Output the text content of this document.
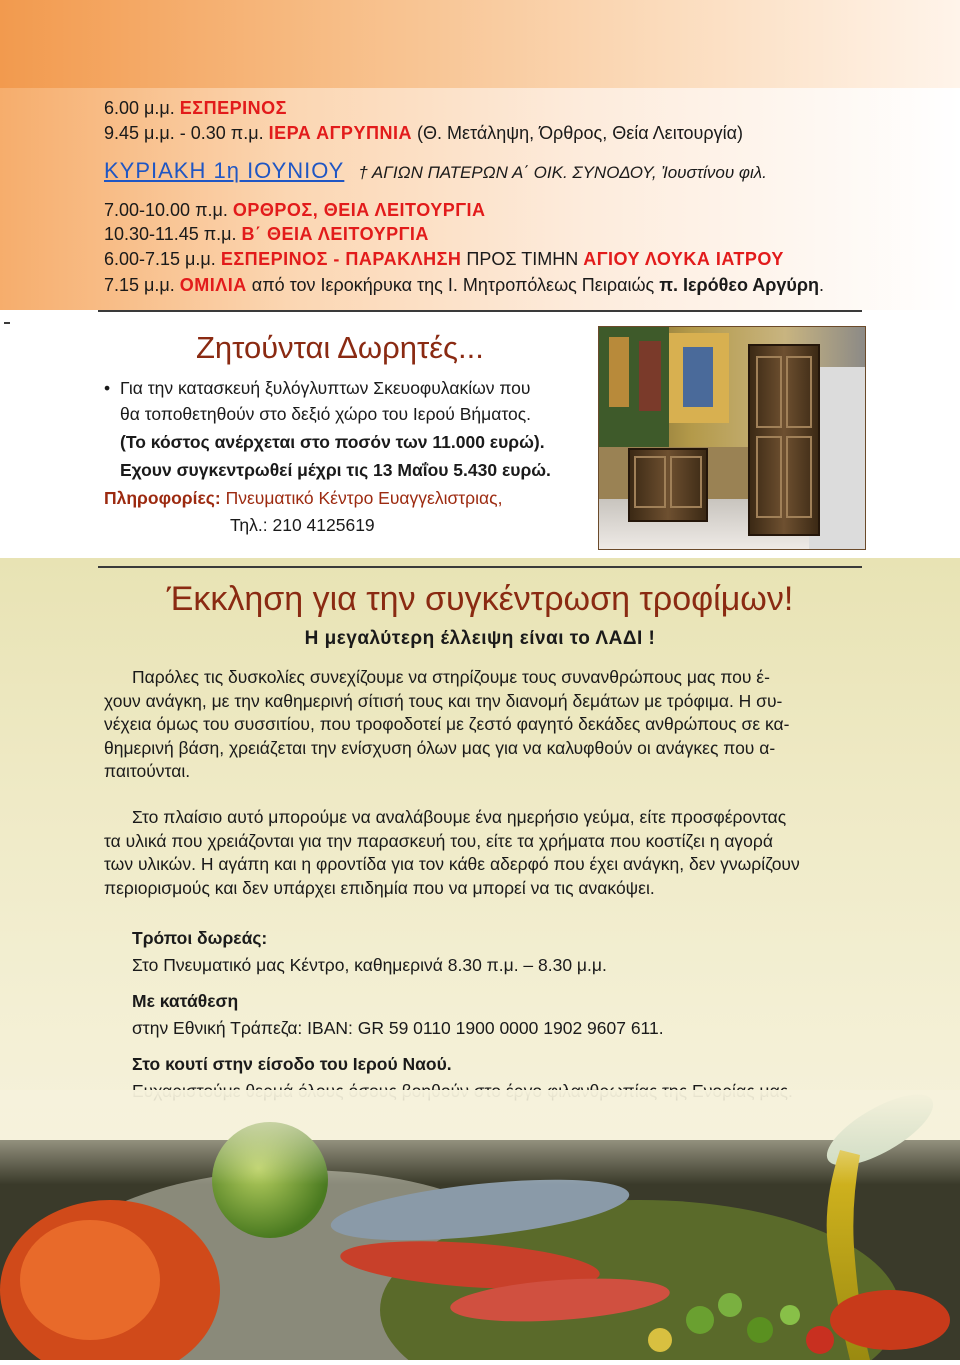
6.00 μ.μ. ΕΣΠΕΡΙΝΟΣ
9.45 μ.μ. - 0.30 π.μ. ΙΕΡΑ ΑΓΡΥΠΝΙΑ (Θ. Μετάληψη, Όρθρος, Θεία Λειτουργία)
ΚΥΡΙΑΚΗ 1η ΙΟΥΝΙΟΥ † ΑΓΙΩΝ ΠΑΤΕΡΩΝ Α΄ ΟΙΚ. ΣΥΝΟΔΟΥ, Ἰουστίνου φιλ.
7.00-10.00 π.μ. ΟΡΘΡΟΣ, ΘΕΙΑ ΛΕΙΤΟΥΡΓΙΑ
10.30-11.45 π.μ. Β΄ ΘΕΙΑ ΛΕΙΤΟΥΡΓΙΑ
6.00-7.15 μ.μ. ΕΣΠΕΡΙΝΟΣ - ΠΑΡΑΚΛΗΣΗ ΠΡΟΣ ΤΙΜΗΝ ΑΓΙΟΥ ΛΟΥΚΑ ΙΑΤΡΟΥ
7.15 μ.μ. ΟΜΙΛΙΑ από τον Ιεροκήρυκα της Ι. Μητροπόλεως Πειραιώς π. Ιερόθεο Αργύρη.
Ζητούνται Δωρητές...
• Για την κατασκευή ξυλόγλυπτων Σκευοφυλακίων που
θα τοποθετηθούν στο δεξιό χώρο του Ιερού Βήματος.
(Το κόστος ανέρχεται στο ποσόν των 11.000 ευρώ).
Εχουν συγκεντρωθεί μέχρι τις 13 Μαΐου 5.430 ευρώ.
Πληροφορίες: Πνευματικό Κέντρο Ευαγγελιστριας,
Τηλ.: 210 4125619
Έκκληση για την συγκέντρωση τροφίμων!
Η μεγαλύτερη έλλειψη είναι το ΛΑΔΙ !
Παρόλες τις δυσκολίες συνεχίζουμε να στηρίζουμε τους συνανθρώπους μας που έ-
χουν ανάγκη, με την καθημερινή σίτισή τους και την διανομή δεμάτων με τρόφιμα. Η συ-
νέχεια όμως του συσσιτίου, που τροφοδοτεί με ζεστό φαγητό δεκάδες ανθρώπους σε κα-
θημερινή βάση, χρειάζεται την ενίσχυση όλων μας για να καλυφθούν οι ανάγκες που α-
παιτούνται.
Στο πλαίσιο αυτό μπορούμε να αναλάβουμε ένα ημερήσιο γεύμα, είτε προσφέροντας
τα υλικά που χρειάζονται για την παρασκευή του, είτε τα χρήματα που κοστίζει η αγορά
των υλικών. Η αγάπη και η φροντίδα για τον κάθε αδερφό που έχει ανάγκη, δεν γνωρίζουν
περιορισμούς και δεν υπάρχει επιδημία που να μπορεί να τις ανακόψει.
Τρόποι δωρεάς:
Στο Πνευματικό μας Κέντρο, καθημερινά 8.30 π.μ. – 8.30 μ.μ.
Με κατάθεση
στην Εθνική Τράπεζα: IBAN: GR 59 0110 1900 0000 1902 9607 611.
Στο κουτί στην είσοδο του Ιερού Ναού.
